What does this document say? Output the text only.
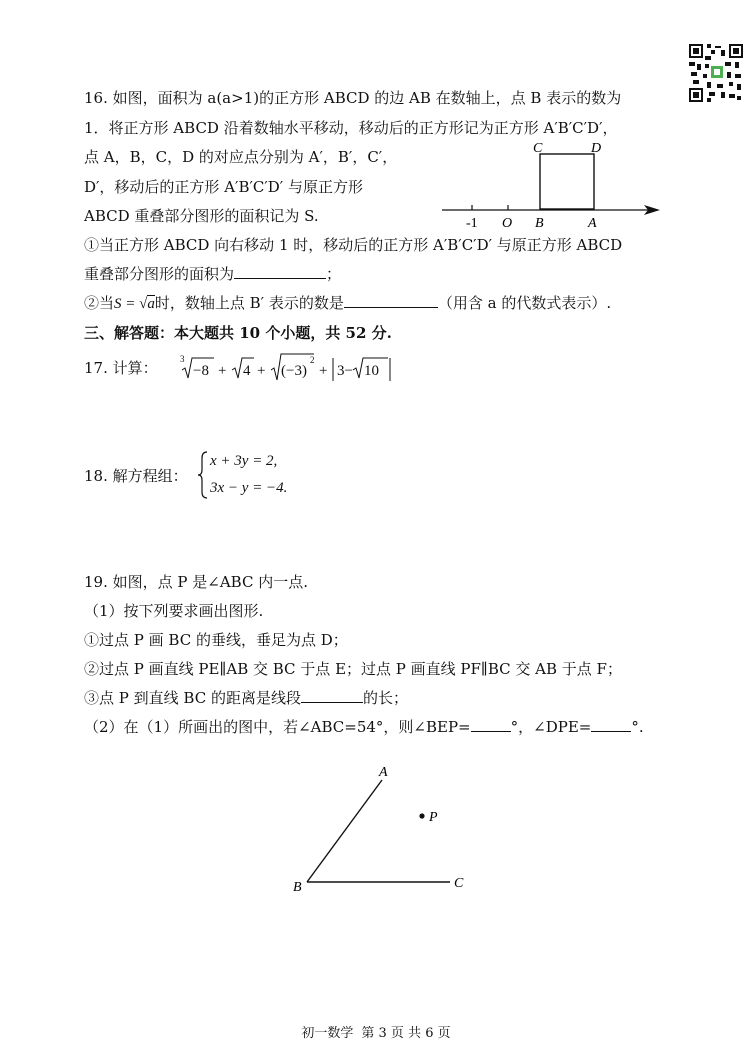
16. 如图，面积为 a(a>1)的正方形 ABCD 的边 AB 在数轴上，点 B 表示的数为
1．将正方形 ABCD 沿着数轴水平移动，移动后的正方形记为正方形 A′B′C′D′，
点 A，B，C，D 的对应点分别为 A′，B′，C′，
D′，移动后的正方形 A′B′C′D′ 与原正方形
ABCD 重叠部分图形的面积记为 S.
C	D
-1 O B	A
①当正方形 ABCD 向右移动 1 时，移动后的正方形 A′B′C′D′ 与原正方形 ABCD
重叠部分图形的面积为	；
②当S = √a时，数轴上点 B′ 表示的数是	（用含 a 的代数式表示）.
三、解答题：本大题共 10 个小题，共 52 分.
17. 计算： 3
−8 + 4 + (−3)
2
+ 3− 10
18. 解方程组：
x + 3y = 2,
3x − y = −4.
19. 如图，点 P 是∠ABC 内一点.
（1）按下列要求画出图形.
①过点 P 画 BC 的垂线，垂足为点 D；
②过点 P 画直线 PE∥AB 交 BC 于点 E；过点 P 画直线 PF∥BC 交 AB 于点 F；
③点 P 到直线 BC 的距离是线段	的长；
（2）在（1）所画出的图中，若∠ABC=54°，则∠BEP=	°，∠DPE=	°.
A
P
B	C
初一数学 第 3 页 共 6 页
